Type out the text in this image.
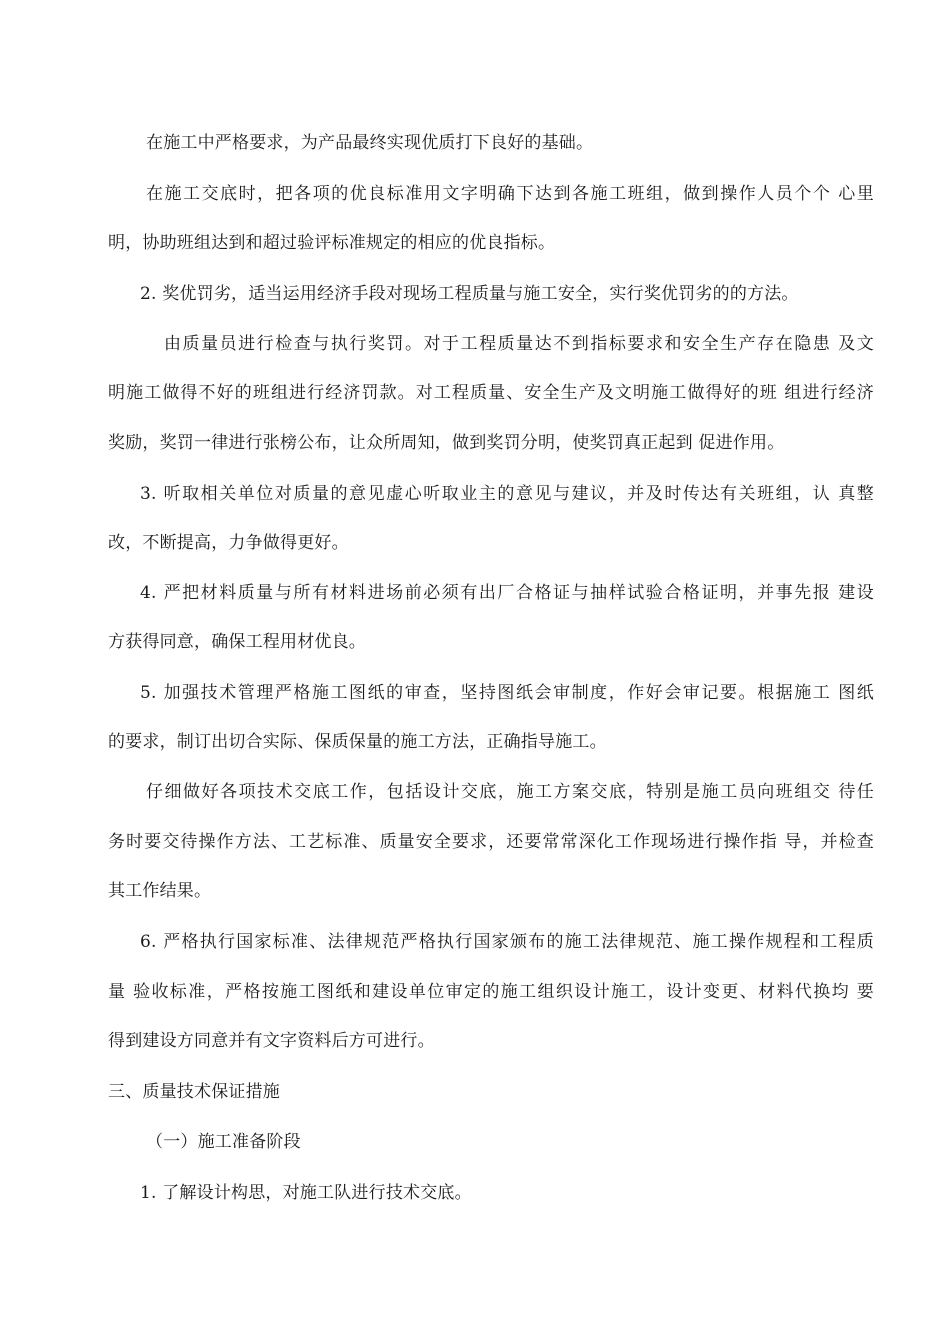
在施工中严格要求，为产品最终实现优质打下良好的基础。
在施工交底时，把各项的优良标准用文字明确下达到各施工班组，做到操作人员个个 心里
明，协助班组达到和超过验评标准规定的相应的优良指标。
2. 奖优罚劣，适当运用经济手段对现场工程质量与施工安全，实行奖优罚劣的的方法。
由质量员进行检查与执行奖罚。对于工程质量达不到指标要求和安全生产存在隐患 及文
明施工做得不好的班组进行经济罚款。对工程质量、安全生产及文明施工做得好的班 组进行经济
奖励，奖罚一律进行张榜公布，让众所周知，做到奖罚分明，使奖罚真正起到 促进作用。
3. 听取相关单位对质量的意见虚心听取业主的意见与建议，并及时传达有关班组，认 真整
改，不断提高，力争做得更好。
4. 严把材料质量与所有材料进场前必须有出厂合格证与抽样试验合格证明，并事先报 建设
方获得同意，确保工程用材优良。
5. 加强技术管理严格施工图纸的审查，坚持图纸会审制度，作好会审记要。根据施工 图纸
的要求，制订出切合实际、保质保量的施工方法，正确指导施工。
仔细做好各项技术交底工作，包括设计交底，施工方案交底，特别是施工员向班组交 待任
务时要交待操作方法、工艺标准、质量安全要求，还要常常深化工作现场进行操作指 导，并检查
其工作结果。
6. 严格执行国家标准、法律规范严格执行国家颁布的施工法律规范、施工操作规程和工程质
量 验收标准，严格按施工图纸和建设单位审定的施工组织设计施工，设计变更、材料代换均 要
得到建设方同意并有文字资料后方可进行。
三、质量技术保证措施
（一）施工准备阶段
1. 了解设计构思，对施工队进行技术交底。
